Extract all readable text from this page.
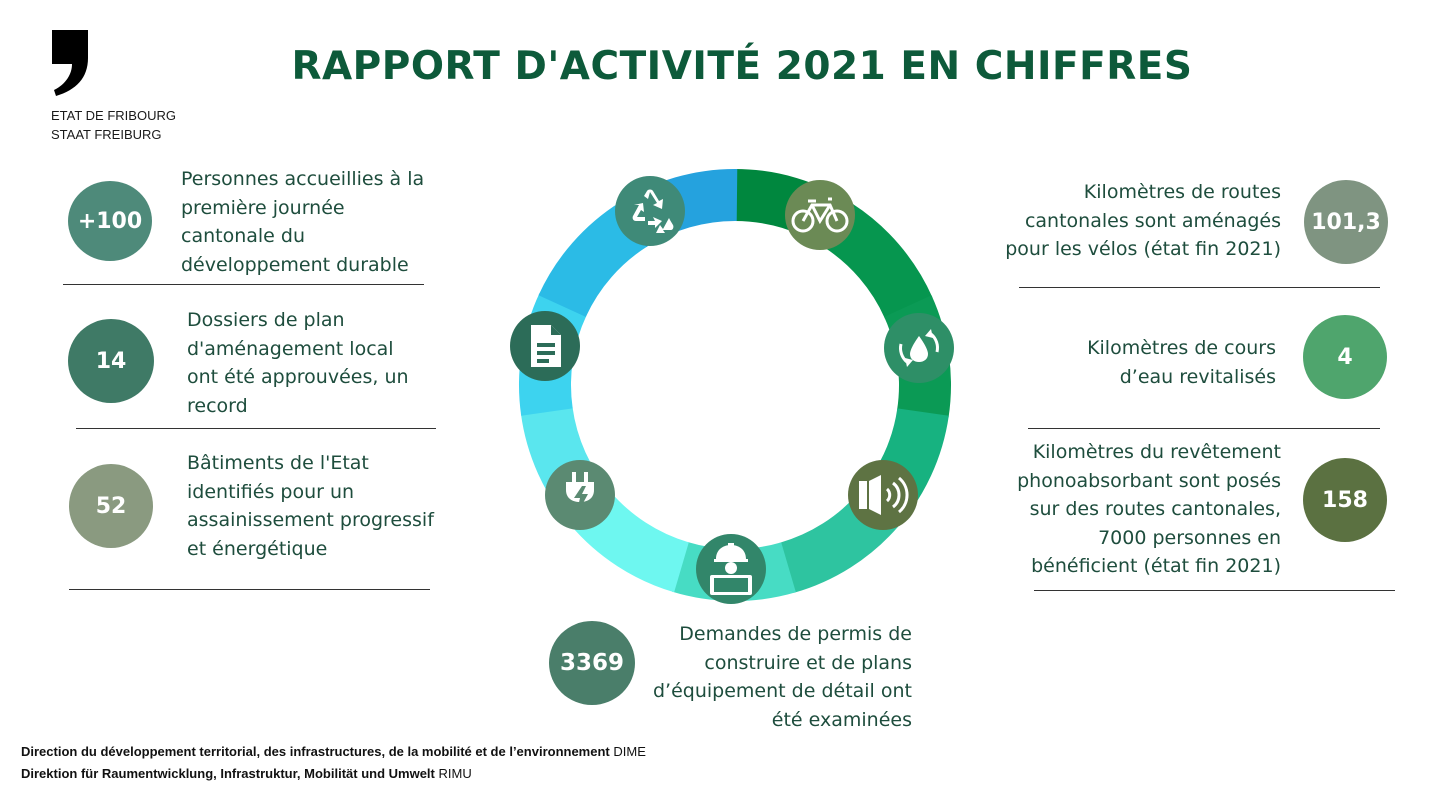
ETAT DE FRIBOURG
STAAT FREIBURG
RAPPORT D'ACTIVITÉ 2021 EN CHIFFRES
+100
Personnes accueillies à la première journée cantonale du développement durable
14
Dossiers de plan d'aménagement local ont été approuvées, un record
52
Bâtiments de l'Etat identifiés pour un assainissement progressif et énergétique
Kilomètres de routes cantonales sont aménagés pour les vélos (état fin 2021)
101,3
Kilomètres de cours d’eau revitalisés
4
Kilomètres du revêtement phonoabsorbant sont posés sur des routes cantonales, 7000 personnes en bénéficient (état fin 2021)
158
3369
Demandes de permis de construire et de plans d’équipement de détail ont été examinées
Direction du développement territorial, des infrastructures, de la mobilité et de l’environnement DIME
Direktion für Raumentwicklung, Infrastruktur, Mobilität und Umwelt RIMU
